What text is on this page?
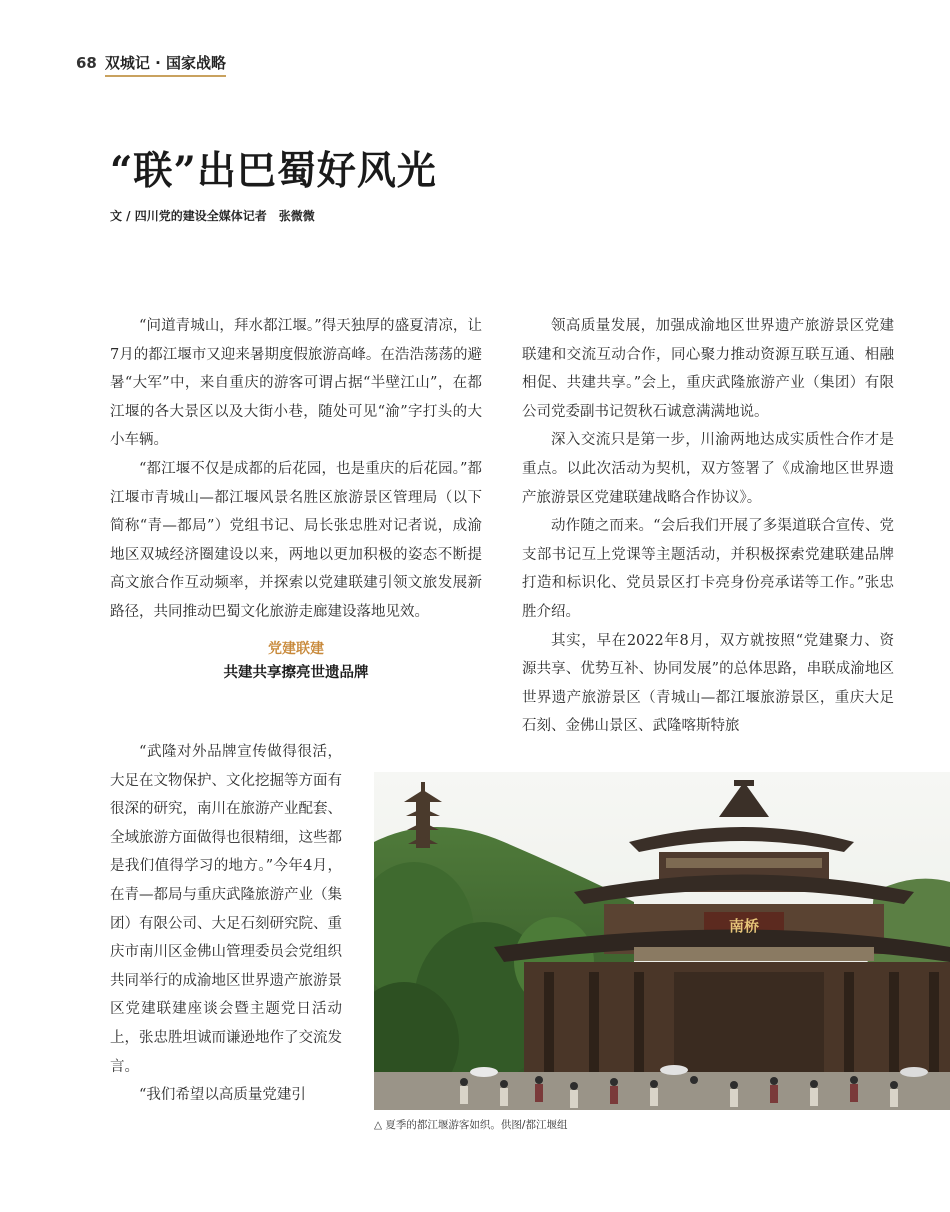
68 双城记 · 国家战略
“联”出巴蜀好风光
文 / 四川党的建设全媒体记者　张微微

“问道青城山，拜水都江堰。”得天独厚的盛夏清凉，让7月的都江堰市又迎来暑期度假旅游高峰。在浩浩荡荡的避暑“大军”中，来自重庆的游客可谓占据“半壁江山”，在都江堰的各大景区以及大街小巷，随处可见“渝”字打头的大小车辆。

“都江堰不仅是成都的后花园，也是重庆的后花园。”都江堰市青城山—都江堰风景名胜区旅游景区管理局（以下简称“青—都局”）党组书记、局长张忠胜对记者说，成渝地区双城经济圈建设以来，两地以更加积极的姿态不断提高文旅合作互动频率，并探索以党建联建引领文旅发展新路径，共同推动巴蜀文化旅游走廊建设落地见效。

党建联建
共建共享擦亮世遗品牌

“武隆对外品牌宣传做得很活，大足在文物保护、文化挖掘等方面有很深的研究，南川在旅游产业配套、全域旅游方面做得也很精细，这些都是我们值得学习的地方。”今年4月，在青—都局与重庆武隆旅游产业（集团）有限公司、大足石刻研究院、重庆市南川区金佛山管理委员会党组织共同举行的成渝地区世界遗产旅游景区党建联建座谈会暨主题党日活动上，张忠胜坦诚而谦逊地作了交流发言。

“我们希望以高质量党建引

领高质量发展，加强成渝地区世界遗产旅游景区党建联建和交流互动合作，同心聚力推动资源互联互通、相融相促、共建共享。”会上，重庆武隆旅游产业（集团）有限公司党委副书记贺秋石诚意满满地说。

深入交流只是第一步，川渝两地达成实质性合作才是重点。以此次活动为契机，双方签署了《成渝地区世界遗产旅游景区党建联建战略合作协议》。

动作随之而来。“会后我们开展了多渠道联合宣传、党支部书记互上党课等主题活动，并积极探索党建联建品牌打造和标识化、党员景区打卡亮身份亮承诺等工作。”张忠胜介绍。

其实，早在2022年8月，双方就按照“党建聚力、资源共享、优势互补、协同发展”的总体思路，串联成渝地区世界遗产旅游景区（青城山—都江堰旅游景区，重庆大足石刻、金佛山景区、武隆喀斯特旅

南桥
△ 夏季的都江堰游客如织。供图/都江堰组
